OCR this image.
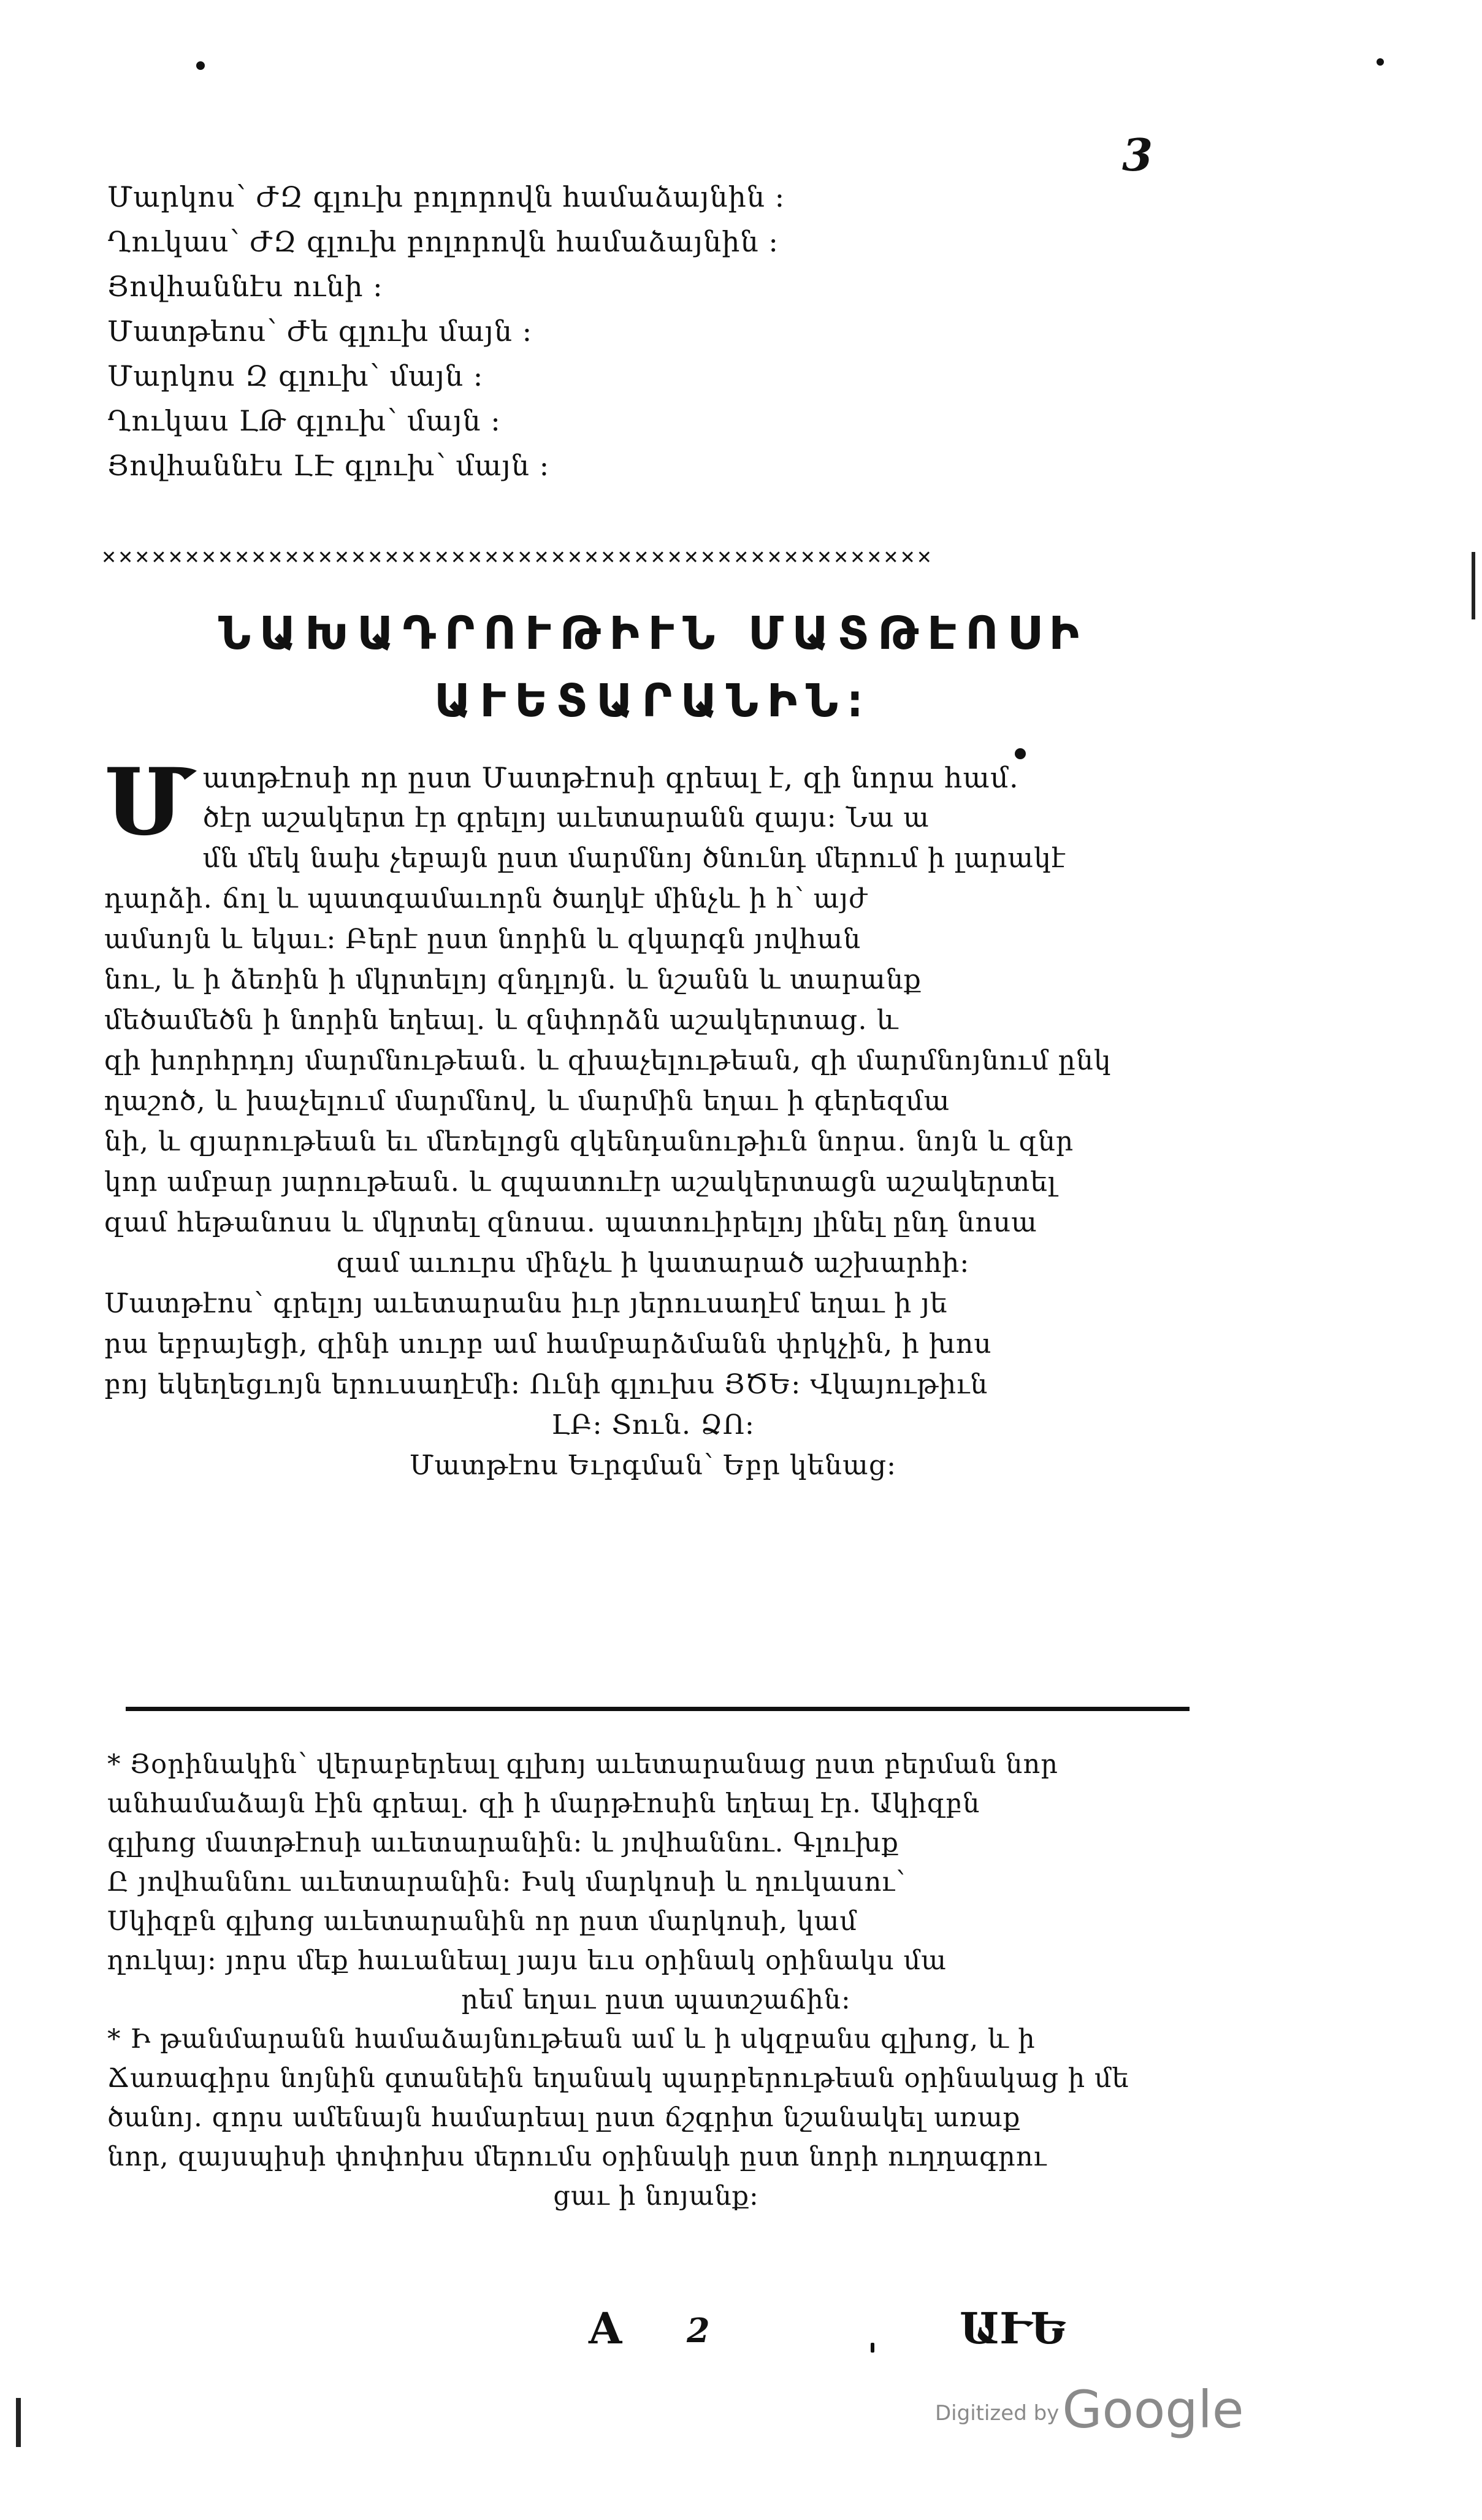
3
Մարկոս՝ ԺԶ գլուխ բոլորովն համաձայնին ։
Ղուկաս՝ ԺԶ գլուխ բոլորովն համաձայնին ։
Յովհաննէս ունի ։
Մատթեոս՝ Ժե գլուխ մայն ։
Մարկոս Զ գլուխ՝ մայն ։
Ղուկաս ԼԹ գլուխ՝ մայն ։
Յովհաննէս ԼԷ գլուխ՝ մայն ։
✕✕✕✕✕✕✕✕✕✕✕✕✕✕✕✕✕✕✕✕✕✕✕✕✕✕✕✕✕✕✕✕✕✕✕✕✕✕✕✕✕✕✕✕✕✕✕✕✕✕
ՆԱԽԱԴՐՈՒԹԻՒՆ ՄԱՏԹԷՈՍԻ
ԱՒԵՏԱՐԱՆԻՆ։
Մ ատթէոսի որ ըստ Մատթէոսի գրեալ է, զի նորա համ․
ծէր աշակերտ էր գրելոյ աւետարանն զայս։ Նա ա
մն մեկ նախ չեբայն ըստ մարմնոյ ծնունդ մերում ի լարակէ
դարձի․ ճոլ և պատգամաւորն ծաղկէ մինչև ի հ՝ այժ
ամսոյն և եկաւ։ Բերէ ըստ նորին և զկարգն յովհան
նու, և ի ձեռին ի մկրտելոյ զնդլոյն․ և նշանն և տարանք
մեծամեծն ի նորին եղեալ․ և զնփորձն աշակերտաց․ և
զի խորհրդոյ մարմնութեան․ և զխաչելութեան, զի մարմնոյնում ընկ
ղաշոծ, և խաչելում մարմնով, և մարմին եղաւ ի գերեզմա
նի, և զյարութեան եւ մեռելոցն զկենդանութիւն նորա․ նոյն և զնր
կոր ամբար յարութեան․ և զպատուէր աշակերտացն աշակերտել
զամ հեթանոսս և մկրտել զնոսա․ պատուիրելոյ լինել ընդ նոսա
զամ աւուրս մինչև ի կատարած աշխարհի։
Մատթէոս՝ գրելոյ աւետարանս իւր յերուսաղէմ եղաւ ի յե
րա եբրայեցի, զինի սուրբ ամ համբարձմանն փրկչին, ի խոս
բոյ եկեղեցւոյն երուսաղէմի։ Ունի գլուխս ՅԾԵ։ Վկայութիւն
ԼԲ։ Տուն․ ՁՈ։
Մատթէոս Եւրգման՝ Եբր կենաց։
* Յօրինակին՝ վերաբերեալ գլխոյ աւետարանաց ըստ բերման նոր
անհամաձայն էին գրեալ․ զի ի մարթէոսին եղեալ էր․ Ակիզբն
գլխոց մատթէոսի աւետարանին։ և յովհաննու․ Գլուխք
Ը յովհաննու աւետարանին։ Իսկ մարկոսի և ղուկասու՝
Սկիզբն գլխոց աւետարանին որ ըստ մարկոսի, կամ
ղուկայ։ յորս մեք հաւանեալ յայս եւս օրինակ օրինակս մա
րեմ եղաւ ըստ պատշաճին։
* Ի թանմարանն համաձայնութեան ամ և ի սկզբանս գլխոց, և ի
Ճառագիրս նոյնին գտանեին եղանակ պարբերութեան օրինակաց ի մե
ծանոյ․ զորս ամենայն համարեալ ըստ ճշգրիտ նշանակել առաք
նոր, զայսպիսի փոփոխս մերումս օրինակի ըստ նորի ուղղագրու
ցաւ ի նոյանք։
A 2	ԱՒԵ
Digitized by Google
